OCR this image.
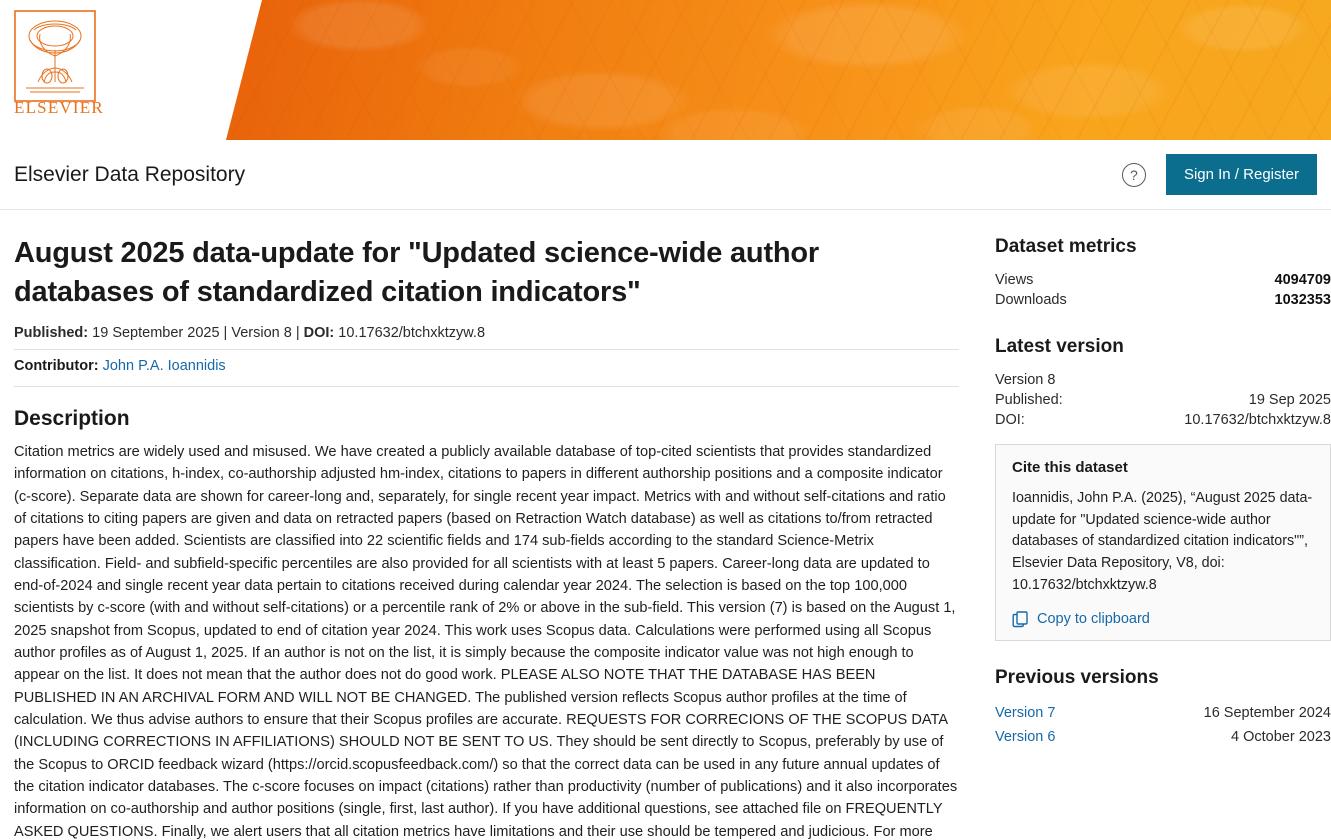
ELSEVIER
Elsevier Data Repository	?	Sign In / Register
August 2025 data-update for "Updated science-wide author databases of standardized citation indicators"
Published: 19 September 2025 | Version 8 | DOI: 10.17632/btchxktzyw.8
Contributor: John P.A. Ioannidis
Description
Citation metrics are widely used and misused. We have created a publicly available database of top-cited scientists that provides standardized information on citations, h-index, co-authorship adjusted hm-index, citations to papers in different authorship positions and a composite indicator (c-score). Separate data are shown for career-long and, separately, for single recent year impact. Metrics with and without self-citations and ratio of citations to citing papers are given and data on retracted papers (based on Retraction Watch database) as well as citations to/from retracted papers have been added. Scientists are classified into 22 scientific fields and 174 sub-fields according to the standard Science-Metrix classification. Field- and subfield-specific percentiles are also provided for all scientists with at least 5 papers. Career-long data are updated to end-of-2024 and single recent year data pertain to citations received during calendar year 2024. The selection is based on the top 100,000 scientists by c-score (with and without self-citations) or a percentile rank of 2% or above in the sub-field. This version (7) is based on the August 1, 2025 snapshot from Scopus, updated to end of citation year 2024. This work uses Scopus data. Calculations were performed using all Scopus author profiles as of August 1, 2025. If an author is not on the list, it is simply because the composite indicator value was not high enough to appear on the list. It does not mean that the author does not do good work. PLEASE ALSO NOTE THAT THE DATABASE HAS BEEN PUBLISHED IN AN ARCHIVAL FORM AND WILL NOT BE CHANGED. The published version reflects Scopus author profiles at the time of calculation. We thus advise authors to ensure that their Scopus profiles are accurate. REQUESTS FOR CORRECIONS OF THE SCOPUS DATA (INCLUDING CORRECTIONS IN AFFILIATIONS) SHOULD NOT BE SENT TO US. They should be sent directly to Scopus, preferably by use of the Scopus to ORCID feedback wizard (https://orcid.scopusfeedback.com/) so that the correct data can be used in any future annual updates of the citation indicator databases. The c-score focuses on impact (citations) rather than productivity (number of publications) and it also incorporates information on co-authorship and author positions (single, first, last author). If you have additional questions, see attached file on FREQUENTLY ASKED QUESTIONS. Finally, we alert users that all citation metrics have limitations and their use should be tempered and judicious. For more
Dataset metrics
Views	4094709
Downloads	1032353
Latest version
Version 8
Published:	19 Sep 2025
DOI:	10.17632/btchxktzyw.8
Cite this dataset
Ioannidis, John P.A. (2025), “August 2025 data-update for "Updated science-wide author databases of standardized citation indicators"”, Elsevier Data Repository, V8, doi: 10.17632/btchxktzyw.8
Copy to clipboard
Previous versions
Version 7	16 September 2024
Version 6	4 October 2023
